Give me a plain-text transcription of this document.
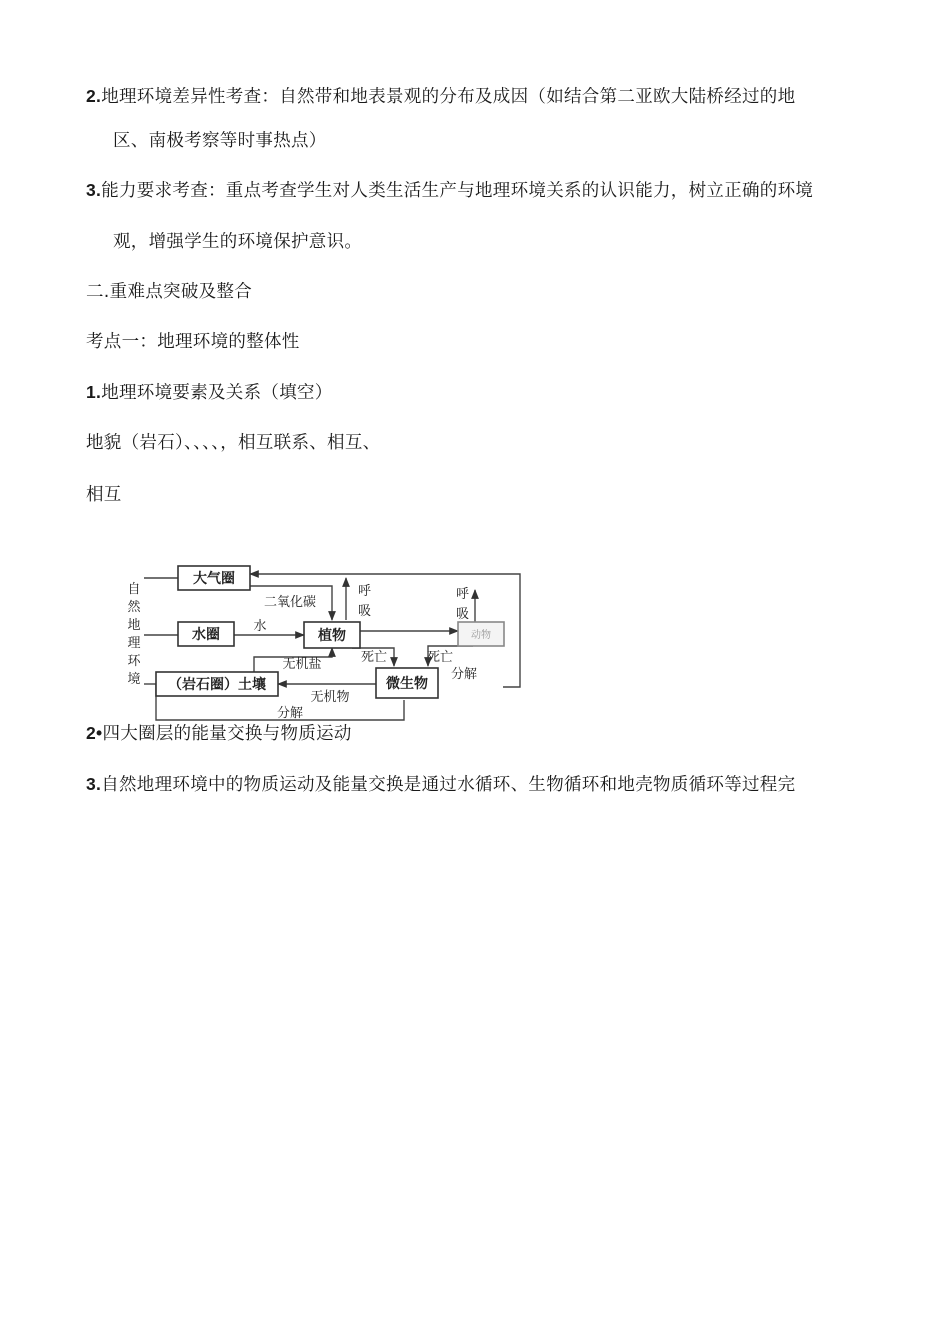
2.地理环境差异性考查：自然带和地表景观的分布及成因（如结合第二亚欧大陆桥经过的地
区、南极考察等时事热点）
3.能力要求考查：重点考查学生对人类生活生产与地理环境关系的认识能力，树立正确的环境
观，增强学生的环境保护意识。
二.重难点突破及整合
考点一：地理环境的整体性
1.地理环境要素及关系（填空）
地貌（岩石）、、、、，相互联系、相互、
相互
自
然
地
理
环
境
大气圈
水圈	植物	动物
微生物
（岩石圈）土壤
二氧化碳
水
呼
吸
呼
吸
无机盐	死亡	死亡
分解
无机物
分解
2•四大圈层的能量交换与物质运动
3.自然地理环境中的物质运动及能量交换是通过水循环、生物循环和地壳物质循环等过程完
